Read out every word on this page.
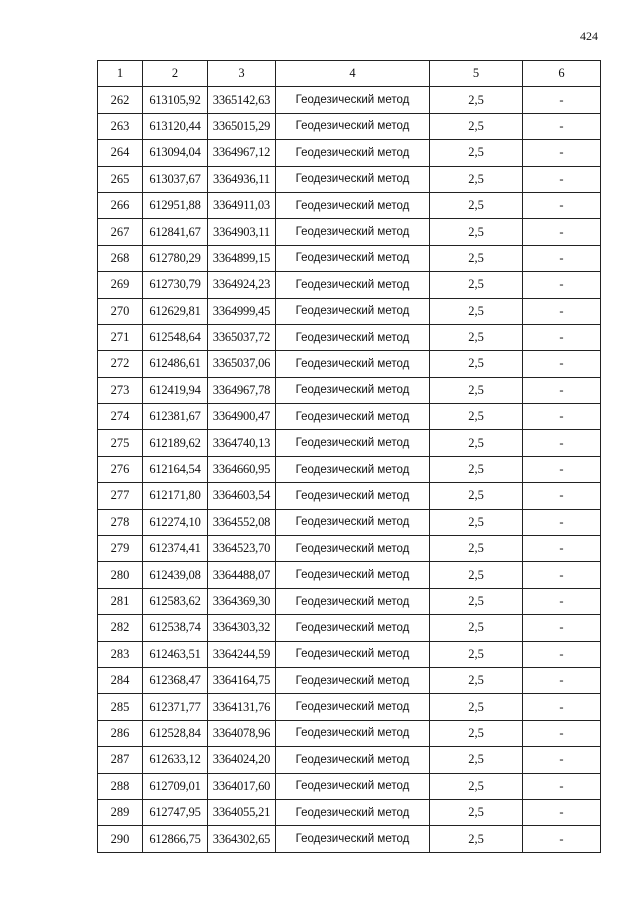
424
1	2	3	4	5	6
262	613105,92	3365142,63	Геодезический метод	2,5	-
263	613120,44	3365015,29	Геодезический метод	2,5	-
264	613094,04	3364967,12	Геодезический метод	2,5	-
265	613037,67	3364936,11	Геодезический метод	2,5	-
266	612951,88	3364911,03	Геодезический метод	2,5	-
267	612841,67	3364903,11	Геодезический метод	2,5	-
268	612780,29	3364899,15	Геодезический метод	2,5	-
269	612730,79	3364924,23	Геодезический метод	2,5	-
270	612629,81	3364999,45	Геодезический метод	2,5	-
271	612548,64	3365037,72	Геодезический метод	2,5	-
272	612486,61	3365037,06	Геодезический метод	2,5	-
273	612419,94	3364967,78	Геодезический метод	2,5	-
274	612381,67	3364900,47	Геодезический метод	2,5	-
275	612189,62	3364740,13	Геодезический метод	2,5	-
276	612164,54	3364660,95	Геодезический метод	2,5	-
277	612171,80	3364603,54	Геодезический метод	2,5	-
278	612274,10	3364552,08	Геодезический метод	2,5	-
279	612374,41	3364523,70	Геодезический метод	2,5	-
280	612439,08	3364488,07	Геодезический метод	2,5	-
281	612583,62	3364369,30	Геодезический метод	2,5	-
282	612538,74	3364303,32	Геодезический метод	2,5	-
283	612463,51	3364244,59	Геодезический метод	2,5	-
284	612368,47	3364164,75	Геодезический метод	2,5	-
285	612371,77	3364131,76	Геодезический метод	2,5	-
286	612528,84	3364078,96	Геодезический метод	2,5	-
287	612633,12	3364024,20	Геодезический метод	2,5	-
288	612709,01	3364017,60	Геодезический метод	2,5	-
289	612747,95	3364055,21	Геодезический метод	2,5	-
290	612866,75	3364302,65	Геодезический метод	2,5	-
